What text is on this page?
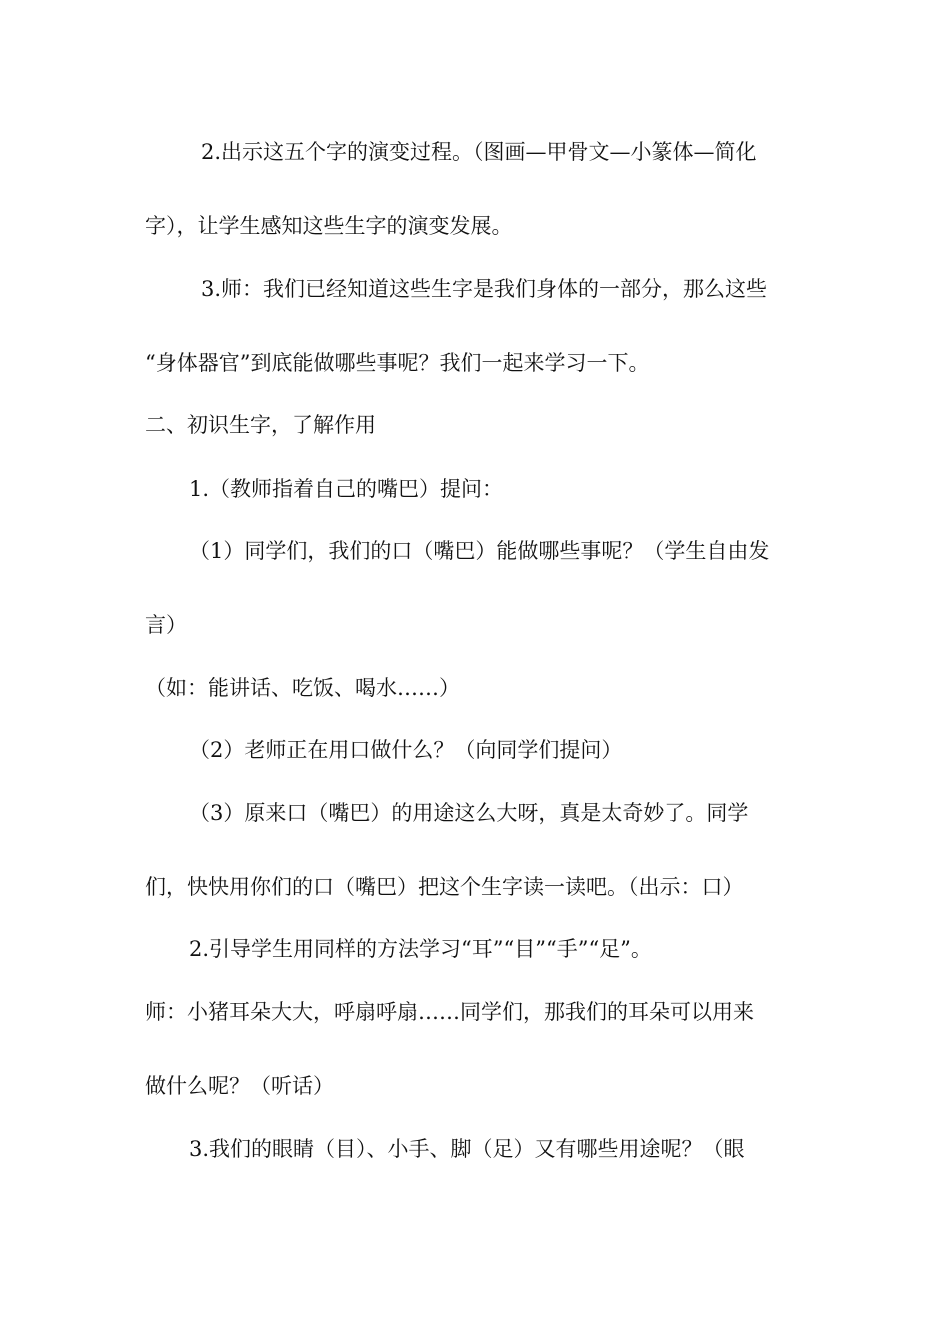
2.出示这五个字的演变过程。（图画—甲骨文—小篆体—简化
字），让学生感知这些生字的演变发展。
3.师：我们已经知道这些生字是我们身体的一部分，那么这些
“身体器官”到底能做哪些事呢？我们一起来学习一下。
二、初识生字，了解作用
1.（教师指着自己的嘴巴）提问：
（1）同学们，我们的口（嘴巴）能做哪些事呢？（学生自由发
言）
（如：能讲话、吃饭、喝水……）
（2）老师正在用口做什么？（向同学们提问）
（3）原来口（嘴巴）的用途这么大呀，真是太奇妙了。同学
们，快快用你们的口（嘴巴）把这个生字读一读吧。（出示：口）
2.引导学生用同样的方法学习“耳”“目”“手”“足”。
师：小猪耳朵大大，呼扇呼扇……同学们，那我们的耳朵可以用来
做什么呢？（听话）
3.我们的眼睛（目）、小手、脚（足）又有哪些用途呢？（眼
